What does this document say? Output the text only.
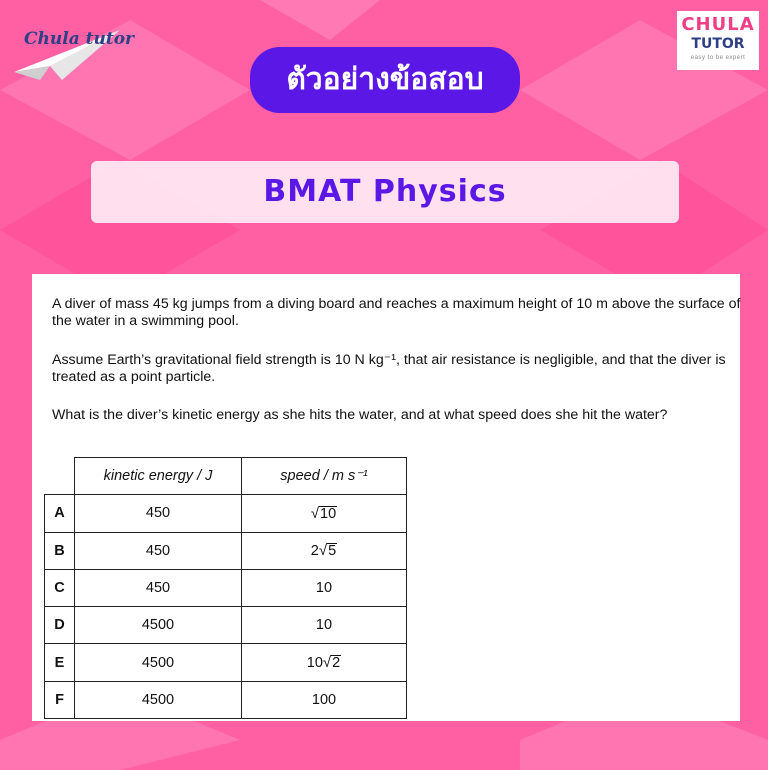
Chula tutor
CHULA
TUTOR
easy to be expert
ตัวอย่างข้อสอบ
BMAT Physics

A diver of mass 45 kg jumps from a diving board and reaches a maximum height of 10 m above the surface of the water in a swimming pool.

Assume Earth’s gravitational field strength is 10 N kg⁻¹, that air resistance is negligible, and that the diver is treated as a point particle.

What is the diver’s kinetic energy as she hits the water, and at what speed does she hit the water?

	kinetic energy / J	speed / m s⁻¹
A	450	√10
B	450	2√5
C	450	10
D	4500	10
E	4500	10√2
F	4500	100
